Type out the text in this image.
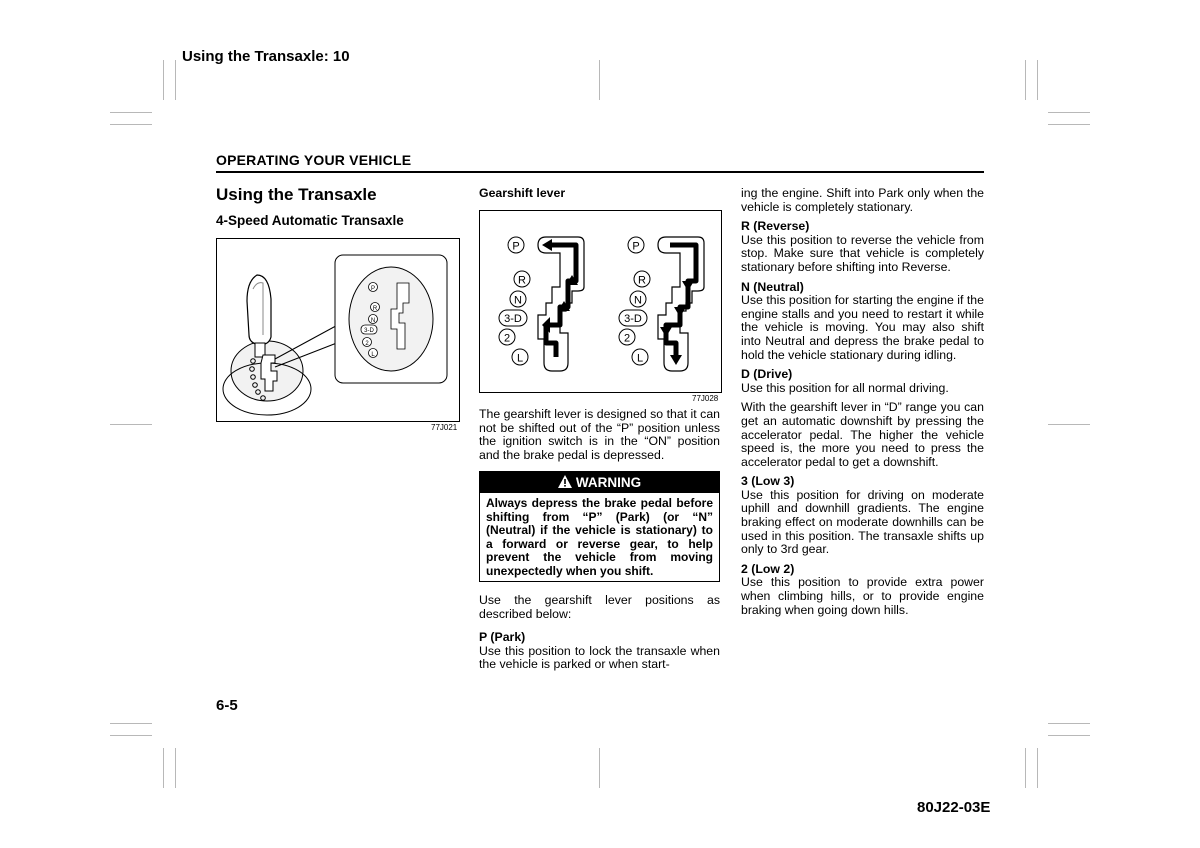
Using the Transaxle: 10
OPERATING YOUR VEHICLE
Using the Transaxle
4-Speed Automatic Transaxle
P
R
N
3-D
2
L
77J021
Gearshift lever
P
R
N
3-D
2
L
P
R
N
3-D
2
L
77J028

The gearshift lever is designed so that it can not be shifted out of the “P” position unless the ignition switch is in the “ON” position and the brake pedal is depressed.

WARNING
Always depress the brake pedal before shifting from “P” (Park) (or “N” (Neutral) if the vehicle is stationary) to a forward or reverse gear, to help prevent the vehicle from moving unexpectedly when you shift.

Use the gearshift lever positions as described below:

P (Park)
Use this position to lock the transaxle when the vehicle is parked or when start-

ing the engine. Shift into Park only when the vehicle is completely stationary.

R (Reverse)
Use this position to reverse the vehicle from stop. Make sure that vehicle is completely stationary before shifting into Reverse.

N (Neutral)
Use this position for starting the engine if the engine stalls and you need to restart it while the vehicle is moving. You may also shift into Neutral and depress the brake pedal to hold the vehicle stationary during idling.

D (Drive)
Use this position for all normal driving.

With the gearshift lever in “D” range you can get an automatic downshift by pressing the accelerator pedal. The higher the vehicle speed is, the more you need to press the accelerator pedal to get a downshift.

3 (Low 3)
Use this position for driving on moderate uphill and downhill gradients. The engine braking effect on moderate downhills can be used in this position. The transaxle shifts up only to 3rd gear.

2 (Low 2)
Use this position to provide extra power when climbing hills, or to provide engine braking when going down hills.

6-5
80J22-03E
